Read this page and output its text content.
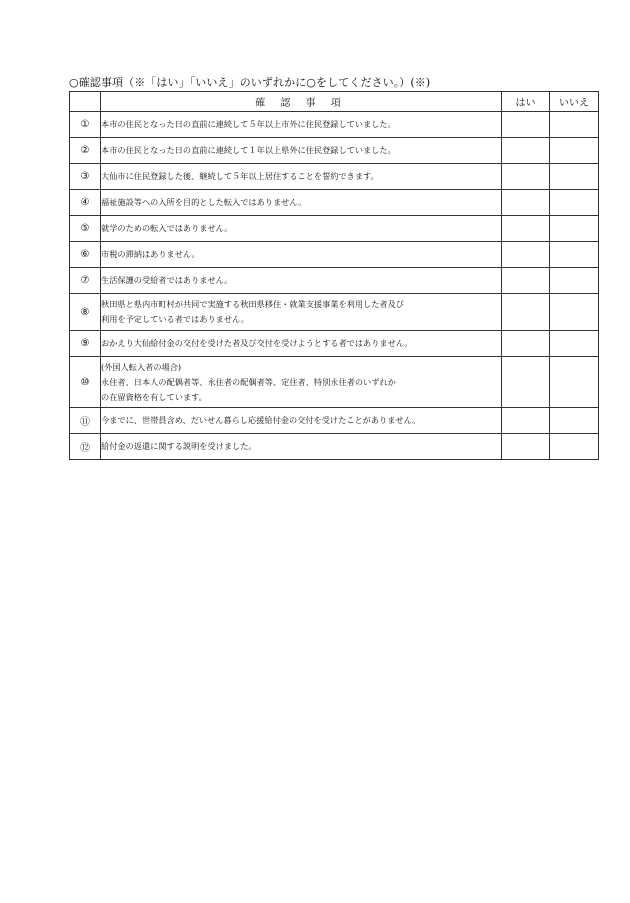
○確認事項（※「はい」「いいえ」のいずれかに○をしてください。）(※)
	確 認 事 項	はい	いいえ
①	本市の住民となった日の直前に連続して５年以上市外に住民登録していました。		

②	本市の住民となった日の直前に連続して１年以上県外に住民登録していました。		

③	大仙市に住民登録した後、継続して５年以上居住することを誓約できます。		

④	福祉施設等への入所を目的とした転入ではありません。		

⑤	就学のための転入ではありません。		

⑥	市税の滞納はありません。		

⑦	生活保護の受給者ではありません。		

⑧	秋田県と県内市町村が共同で実施する秋田県移住・就業支援事業を利用した者及び
利用を予定している者ではありません。		

⑨	おかえり大仙給付金の交付を受けた者及び交付を受けようとする者ではありません。		

⑩	(外国人転入者の場合)
永住者、日本人の配偶者等、永住者の配偶者等、定住者、特別永住者のいずれか
の在留資格を有しています。		

⑪	今までに、世帯員含め、だいせん暮らし応援給付金の交付を受けたことがありません。		

⑫	給付金の返還に関する説明を受けました。		
